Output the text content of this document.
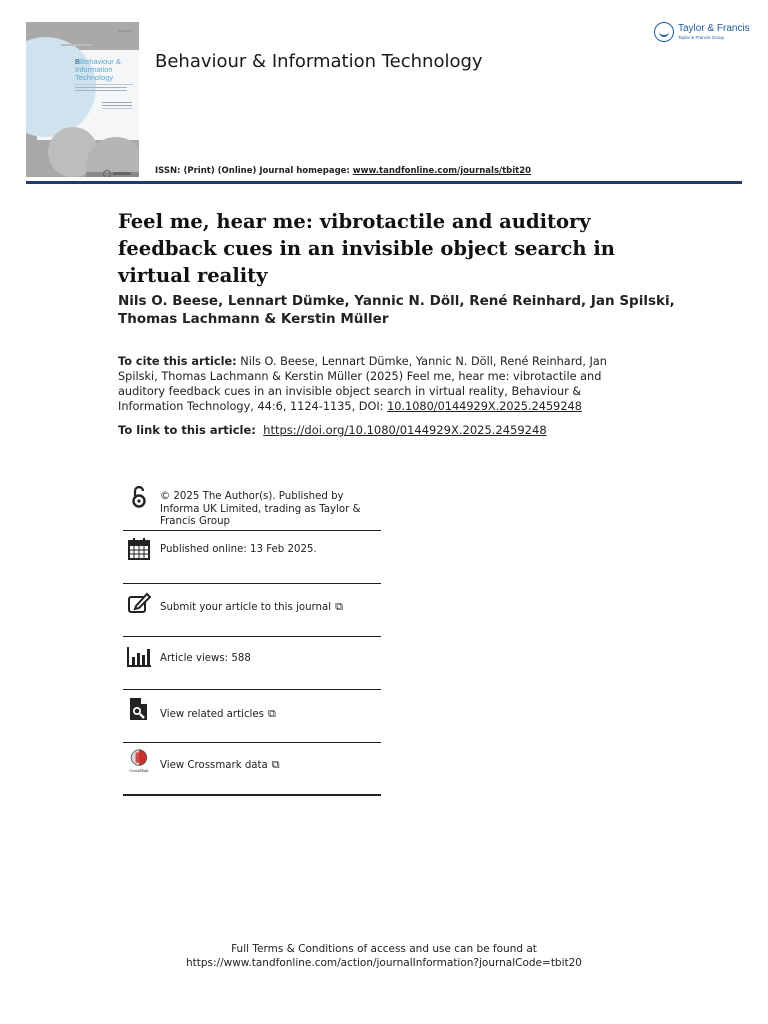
BBehaviour &
Information
Technology
Behaviour & Information Technology
ISSN: (Print) (Online) Journal homepage: www.tandfonline.com/journals/tbit20
Taylor & Francis
Taylor & Francis Group
Feel me, hear me: vibrotactile and auditory feedback cues in an invisible object search in virtual reality

Nils O. Beese, Lennart Dümke, Yannic N. Döll, René Reinhard, Jan Spilski, Thomas Lachmann & Kerstin Müller

To cite this article: Nils O. Beese, Lennart Dümke, Yannic N. Döll, René Reinhard, Jan Spilski, Thomas Lachmann & Kerstin Müller (2025) Feel me, hear me: vibrotactile and auditory feedback cues in an invisible object search in virtual reality, Behaviour & Information Technology, 44:6, 1124-1135, DOI: 10.1080/0144929X.2025.2459248

To link to this article: https://doi.org/10.1080/0144929X.2025.2459248

© 2025 The Author(s). Published by Informa UK Limited, trading as Taylor & Francis Group
Published online: 13 Feb 2025.
Submit your article to this journal ⧉
Article views: 588
View related articles ⧉
CrossMark View Crossmark data ⧉
Full Terms & Conditions of access and use can be found at
https://www.tandfonline.com/action/journalInformation?journalCode=tbit20
